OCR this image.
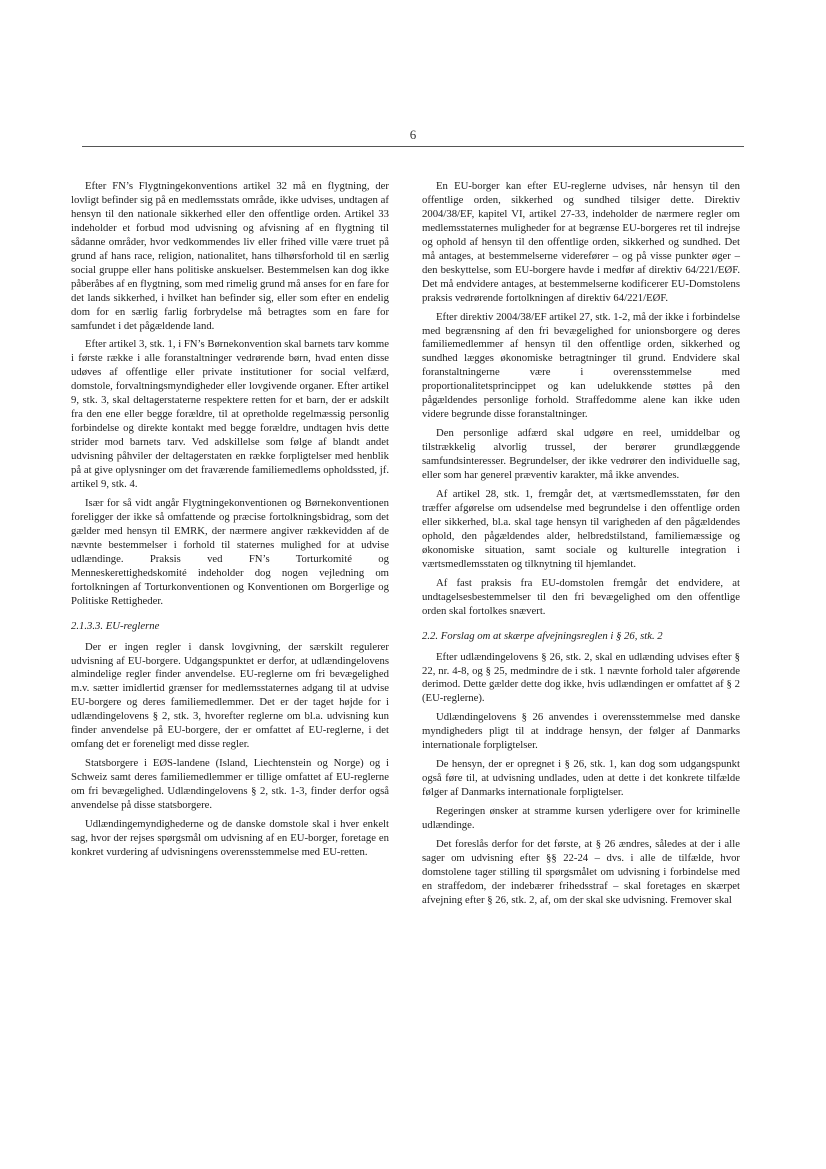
6

Efter FN’s Flygtningekonventions artikel 32 må en flygtning, der lovligt befinder sig på en medlemsstats område, ikke udvises, undtagen af hensyn til den nationale sikkerhed eller den offentlige orden. Artikel 33 indeholder et forbud mod udvisning og afvisning af en flygtning til sådanne områder, hvor vedkommendes liv eller frihed ville være truet på grund af hans race, religion, nationalitet, hans tilhørsforhold til en særlig social gruppe eller hans politiske anskuelser. Bestemmelsen kan dog ikke påberåbes af en flygtning, som med rimelig grund må anses for en fare for det lands sikkerhed, i hvilket han befinder sig, eller som efter en endelig dom for en særlig farlig forbrydelse må betragtes som en fare for samfundet i det pågældende land.

Efter artikel 3, stk. 1, i FN’s Børnekonvention skal barnets tarv komme i første række i alle foranstaltninger vedrørende børn, hvad enten disse udøves af offentlige eller private institutioner for social velfærd, domstole, forvaltningsmyndigheder eller lovgivende organer. Efter artikel 9, stk. 3, skal deltagerstaterne respektere retten for et barn, der er adskilt fra den ene eller begge forældre, til at opretholde regelmæssig personlig forbindelse og direkte kontakt med begge forældre, undtagen hvis dette strider mod barnets tarv. Ved adskillelse som følge af blandt andet udvisning påhviler der deltagerstaten en række forpligtelser med henblik på at give oplysninger om det fraværende familiemedlems opholdssted, jf. artikel 9, stk. 4.

Især for så vidt angår Flygtningekonventionen og Børnekonventionen foreligger der ikke så omfattende og præcise fortolkningsbidrag, som det gælder med hensyn til EMRK, der nærmere angiver rækkevidden af de nævnte bestemmelser i forhold til staternes mulighed for at udvise udlændinge. Praksis ved FN’s Torturkomité og Menneskerettighedskomité indeholder dog nogen vejledning om fortolkningen af Torturkonventionen og Konventionen om Borgerlige og Politiske Rettigheder.

2.1.3.3. EU-reglerne

Der er ingen regler i dansk lovgivning, der særskilt regulerer udvisning af EU-borgere. Udgangspunktet er derfor, at udlændingelovens almindelige regler finder anvendelse. EU-reglerne om fri bevægelighed m.v. sætter imidlertid grænser for medlemsstaternes adgang til at udvise EU-borgere og deres familiemedlemmer. Det er der taget højde for i udlændingelovens § 2, stk. 3, hvorefter reglerne om bl.a. udvisning kun finder anvendelse på EU-borgere, der er omfattet af EU-reglerne, i det omfang det er foreneligt med disse regler.

Statsborgere i EØS-landene (Island, Liechtenstein og Norge) og i Schweiz samt deres familiemedlemmer er tillige omfattet af EU-reglerne om fri bevægelighed. Udlændingelovens § 2, stk. 1-3, finder derfor også anvendelse på disse statsborgere.

Udlændingemyndighederne og de danske domstole skal i hver enkelt sag, hvor der rejses spørgsmål om udvisning af en EU-borger, foretage en konkret vurdering af udvisningens overensstemmelse med EU-retten.

En EU-borger kan efter EU-reglerne udvises, når hensyn til den offentlige orden, sikkerhed og sundhed tilsiger dette. Direktiv 2004/38/EF, kapitel VI, artikel 27-33, indeholder de nærmere regler om medlemsstaternes muligheder for at begrænse EU-borgeres ret til indrejse og ophold af hensyn til den offentlige orden, sikkerhed og sundhed. Det må antages, at bestemmelserne viderefører – og på visse punkter øger – den beskyttelse, som EU-borgere havde i medfør af direktiv 64/221/EØF. Det må endvidere antages, at bestemmelserne kodificerer EU-Domstolens praksis vedrørende fortolkningen af direktiv 64/221/EØF.

Efter direktiv 2004/38/EF artikel 27, stk. 1-2, må der ikke i forbindelse med begrænsning af den fri bevægelighed for unionsborgere og deres familiemedlemmer af hensyn til den offentlige orden, sikkerhed og sundhed lægges økonomiske betragtninger til grund. Endvidere skal foranstaltningerne være i overensstemmelse med proportionalitetsprincippet og kan udelukkende støttes på den pågældendes personlige forhold. Straffedomme alene kan ikke uden videre begrunde disse foranstaltninger.

Den personlige adfærd skal udgøre en reel, umiddelbar og tilstrækkelig alvorlig trussel, der berører grundlæggende samfundsinteresser. Begrundelser, der ikke vedrører den individuelle sag, eller som har generel præventiv karakter, må ikke anvendes.

Af artikel 28, stk. 1, fremgår det, at værtsmedlemsstaten, før den træffer afgørelse om udsendelse med begrundelse i den offentlige orden eller sikkerhed, bl.a. skal tage hensyn til varigheden af den pågældendes ophold, den pågældendes alder, helbredstilstand, familiemæssige og økonomiske situation, samt sociale og kulturelle integration i værtsmedlemsstaten og tilknytning til hjemlandet.

Af fast praksis fra EU-domstolen fremgår det endvidere, at undtagelsesbestemmelser til den fri bevægelighed om den offentlige orden skal fortolkes snævert.

2.2. Forslag om at skærpe afvejningsreglen i § 26, stk. 2

Efter udlændingelovens § 26, stk. 2, skal en udlænding udvises efter § 22, nr. 4-8, og § 25, medmindre de i stk. 1 nævnte forhold taler afgørende derimod. Dette gælder dette dog ikke, hvis udlændingen er omfattet af § 2 (EU-reglerne).

Udlændingelovens § 26 anvendes i overensstemmelse med danske myndigheders pligt til at inddrage hensyn, der følger af Danmarks internationale forpligtelser.

De hensyn, der er opregnet i § 26, stk. 1, kan dog som udgangspunkt også føre til, at udvisning undlades, uden at dette i det konkrete tilfælde følger af Danmarks internationale forpligtelser.

Regeringen ønsker at stramme kursen yderligere over for kriminelle udlændinge.

Det foreslås derfor for det første, at § 26 ændres, således at der i alle sager om udvisning efter §§ 22-24 – dvs. i alle de tilfælde, hvor domstolene tager stilling til spørgsmålet om udvisning i forbindelse med en straffedom, der indebærer frihedsstraf – skal foretages en skærpet afvejning efter § 26, stk. 2, af, om der skal ske udvisning. Fremover skal
